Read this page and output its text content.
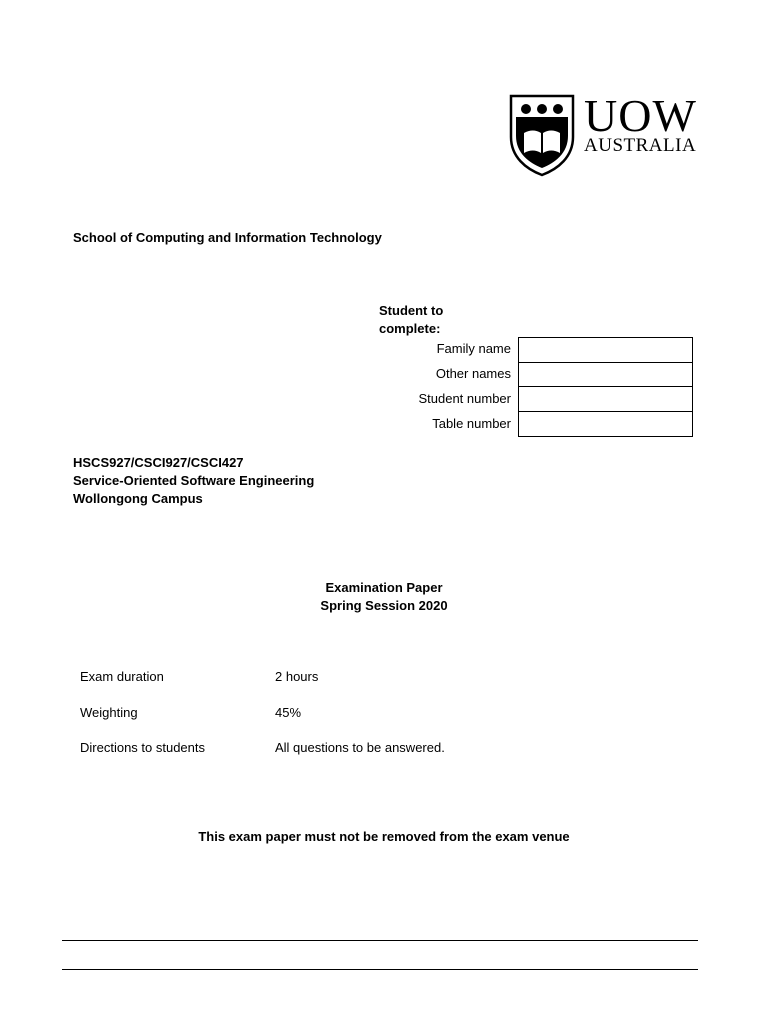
UOW
AUSTRALIA
School of Computing and Information Technology
Student to complete:
Family name
Other names
Student number
Table number
HSCS927/CSCI927/CSCI427
Service-Oriented Software Engineering
Wollongong Campus
Examination Paper
Spring Session 2020
Exam duration	2 hours
Weighting	45%
Directions to students	All questions to be answered.
This exam paper must not be removed from the exam venue
